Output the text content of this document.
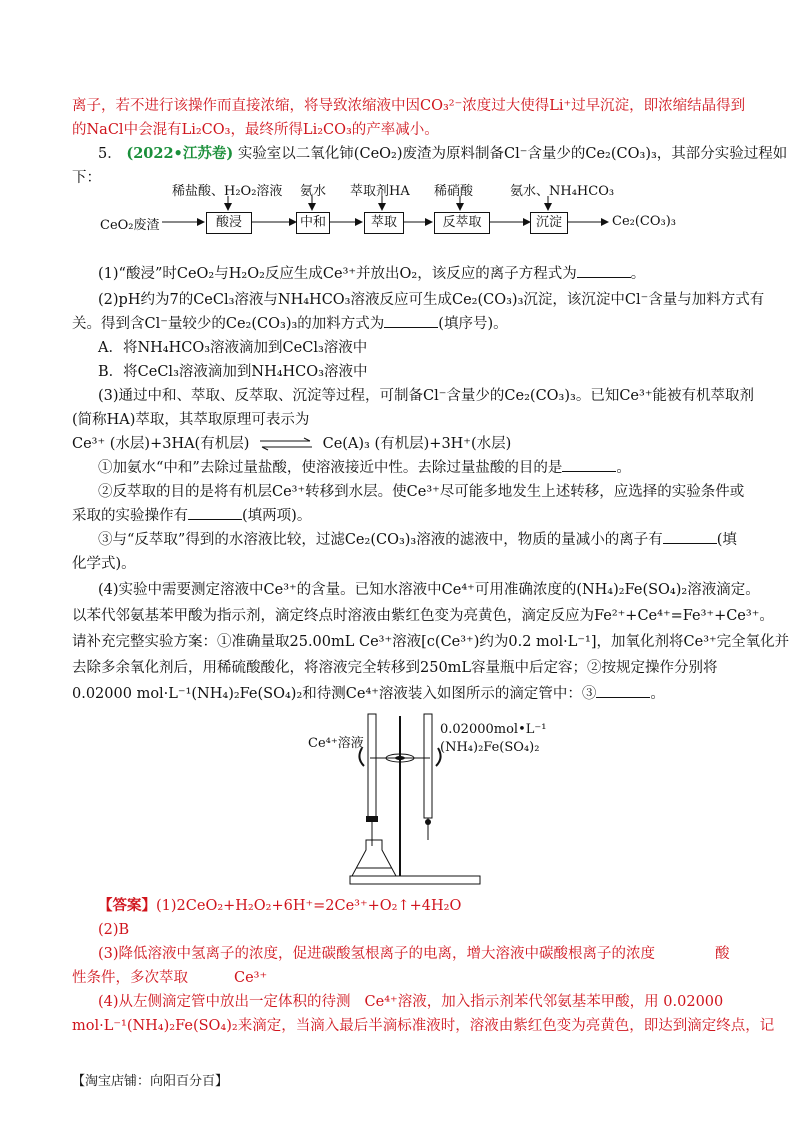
离子，若不进行该操作而直接浓缩，将导致浓缩液中因CO₃²⁻浓度过大使得Li⁺过早沉淀，即浓缩结晶得到
的NaCl中会混有Li₂CO₃，最终所得Li₂CO₃的产率减小。
5． (2022•江苏卷) 实验室以二氧化铈(CeO₂)废渣为原料制备Cl⁻含量少的Ce₂(CO₃)₃，其部分实验过程如
下：
CeO₂废渣	酸浸	中和	萃取	反萃取	沉淀	Ce₂(CO₃)₃
稀盐酸、H₂O₂溶液 氨水 萃取剂HA 稀硝酸	氨水、NH₄HCO₃
(1)“酸浸”时CeO₂与H₂O₂反应生成Ce³⁺并放出O₂，该反应的离子方程式为	。
(2)pH约为7的CeCl₃溶液与NH₄HCO₃溶液反应可生成Ce₂(CO₃)₃沉淀，该沉淀中Cl⁻含量与加料方式有
关。得到含Cl⁻量较少的Ce₂(CO₃)₃的加料方式为	(填序号)。
A．将NH₄HCO₃溶液滴加到CeCl₃溶液中
B．将CeCl₃溶液滴加到NH₄HCO₃溶液中
(3)通过中和、萃取、反萃取、沉淀等过程，可制备Cl⁻含量少的Ce₂(CO₃)₃。已知Ce³⁺能被有机萃取剂
(简称HA)萃取，其萃取原理可表示为
Ce³⁺ (水层)+3HA(有机层) ⇌ Ce(A)₃ (有机层)+3H⁺(水层)
①加氨水“中和”去除过量盐酸，使溶液接近中性。去除过量盐酸的目的是	。
②反萃取的目的是将有机层Ce³⁺转移到水层。使Ce³⁺尽可能多地发生上述转移，应选择的实验条件或
采取的实验操作有	(填两项)。
③与“反萃取”得到的水溶液比较，过滤Ce₂(CO₃)₃溶液的滤液中，物质的量减小的离子有	(填
化学式)。
(4)实验中需要测定溶液中Ce³⁺的含量。已知水溶液中Ce⁴⁺可用准确浓度的(NH₄)₂Fe(SO₄)₂溶液滴定。
以苯代邻氨基苯甲酸为指示剂，滴定终点时溶液由紫红色变为亮黄色，滴定反应为Fe²⁺+Ce⁴⁺=Fe³⁺+Ce³⁺。
请补充完整实验方案：①准确量取25.00mL Ce³⁺溶液[c(Ce³⁺)约为0.2 mol·L⁻¹]，加氧化剂将Ce³⁺完全氧化并
去除多余氧化剂后，用稀硫酸酸化，将溶液完全转移到250mL容量瓶中后定容；②按规定操作分别将
0.02000 mol·L⁻¹(NH₄)₂Fe(SO₄)₂和待测Ce⁴⁺溶液装入如图所示的滴定管中：③	。
Ce⁴⁺溶液
0.02000mol•L⁻¹
(NH₄)₂Fe(SO₄)₂
【答案】(1)2CeO₂+H₂O₂+6H⁺=2Ce³⁺+O₂↑+4H₂O
(2)B
(3)降低溶液中氢离子的浓度，促进碳酸氢根离子的电离，增大溶液中碳酸根离子的浓度	酸
性条件，多次萃取	Ce³⁺
(4)从左侧滴定管中放出一定体积的待测 Ce⁴⁺溶液，加入指示剂苯代邻氨基苯甲酸，用 0.02000
mol·L⁻¹(NH₄)₂Fe(SO₄)₂来滴定，当滴入最后半滴标准液时，溶液由紫红色变为亮黄色，即达到滴定终点，记
【淘宝店铺：向阳百分百】
